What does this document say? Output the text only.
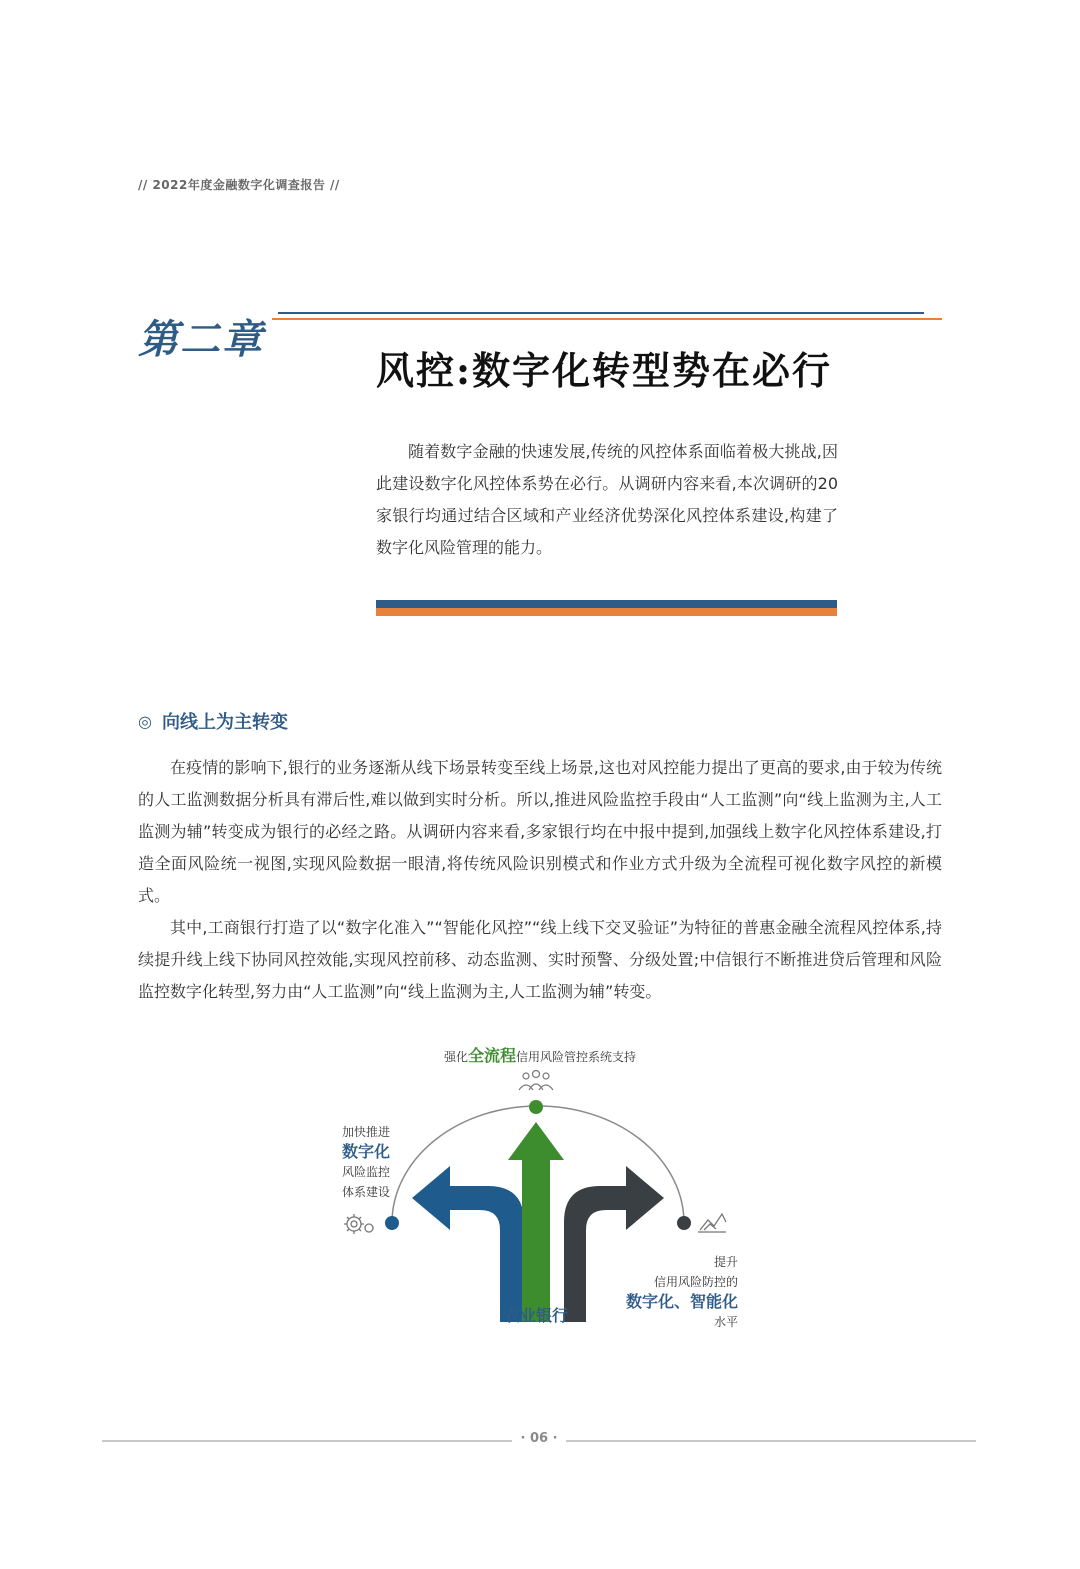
// 2022年度金融数字化调查报告 //
第二章
风控:数字化转型势在必行
随着数字金融的快速发展,传统的风控体系面临着极大挑战,因此建设数字化风控体系势在必行。从调研内容来看,本次调研的20家银行均通过结合区域和产业经济优势深化风控体系建设,构建了数字化风险管理的能力。
◎ 向线上为主转变

在疫情的影响下,银行的业务逐渐从线下场景转变至线上场景,这也对风控能力提出了更高的要求,由于较为传统的人工监测数据分析具有滞后性,难以做到实时分析。所以,推进风险监控手段由“人工监测”向“线上监测为主,人工监测为辅”转变成为银行的必经之路。从调研内容来看,多家银行均在中报中提到,加强线上数字化风控体系建设,打造全面风险统一视图,实现风险数据一眼清,将传统风险识别模式和作业方式升级为全流程可视化数字风控的新模式。

其中,工商银行打造了以“数字化准入”“智能化风控”“线上线下交叉验证”为特征的普惠金融全流程风控体系,持续提升线上线下协同风控效能,实现风控前移、动态监测、实时预警、分级处置;中信银行不断推进贷后管理和风险监控数字化转型,努力由“人工监测”向“线上监测为主,人工监测为辅”转变。

强化全流程信用风险管控系统支持
加快推进
数字化
风险监控
体系建设
提升
信用风险防控的
数字化、智能化
水平
农业银行
· 06 ·
